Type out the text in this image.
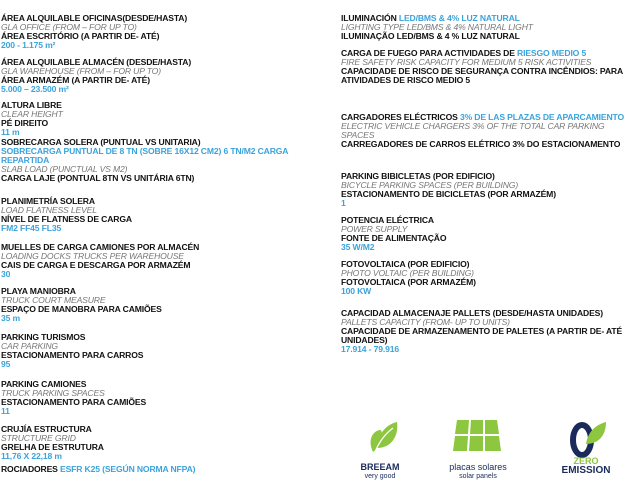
ÁREA ALQUILABLE OFICINAS(DESDE/HASTA)
GLA OFFICE (FROM – FOR UP TO)
ÁREA ESCRITÓRIO (A PARTIR DE- ATÉ)
200 - 1.175 m²
ÁREA ALQUILABLE ALMACÉN (DESDE/HASTA)
GLA WAREHOUSE (FROM – FOR UP TO)
ÁREA ARMAZÉM (A PARTIR DE- ATÉ)
5.000 – 23.500 m²
ALTURA LIBRE
CLEAR HEIGHT
PÉ DIREITO
11 m
SOBRECARGA SOLERA (PUNTUAL VS UNITARIA)
SOBRECARGA PUNTUAL DE 8 TN (SOBRE 16X12 CM2) 6 TN/M2 CARGA REPARTIDA
SLAB LOAD (PUNCTUAL VS M2)
CARGA LAJE (PONTUAL 8TN VS UNITÁRIA 6TN)
PLANIMETRÍA SOLERA
LOAD FLATNESS LEVEL
NÍVEL DE FLATNESS DE CARGA
FM2 FF45 FL35
MUELLES DE CARGA CAMIONES POR ALMACÉN
LOADING DOCKS TRUCKS PER WAREHOUSE
CAIS DE CARGA E DESCARGA POR ARMAZÉM
30
PLAYA MANIOBRA
TRUCK COURT MEASURE
ESPAÇO DE MANOBRA PARA CAMIÕES
35 m
PARKING TURISMOS
CAR PARKING
ESTACIONAMENTO PARA CARROS
95
PARKING CAMIONES
TRUCK PARKING SPACES
ESTACIONAMENTO PARA CAMIÕES
11
CRUJÍA ESTRUCTURA
STRUCTURE GRID
GRELHA DE ESTRUTURA
11,76 X 22,18 m
ROCIADORES ESFR K25 (SEGÚN NORMA NFPA)
ILUMINACIÓN LED/BMS & 4% LUZ NATURAL
LIGHTING TYPE LED/BMS & 4% NATURAL LIGHT
ILUMINAÇÃO LED/BMS & 4 % LUZ NATURAL
CARGA DE FUEGO PARA ACTIVIDADES DE RIESGO MEDIO 5
FIRE SAFETY RISK CAPACITY FOR MEDIUM 5 RISK ACTIVITIES
CAPACIDADE DE RISCO DE SEGURANÇA CONTRA INCÊNDIOS: PARA ATIVIDADES DE RISCO MEDIO 5
CARGADORES ELÉCTRICOS 3% DE LAS PLAZAS DE APARCAMIENTO
ELECTRIC VEHICLE CHARGERS 3% OF THE TOTAL CAR PARKING SPACES
CARREGADORES DE CARROS ELÉTRICO 3% DO ESTACIONAMENTO
PARKING BIBICLETAS (POR EDIFICIO)
BICYCLE PARKING SPACES (PER BUILDING)
ESTACIONAMENTO DE BICICLETAS (POR ARMAZÉM)
1
POTENCIA ELÉCTRICA
POWER SUPPLY
FONTE DE ALIMENTAÇÃO
35 W/M2
FOTOVOLTAICA (POR EDIFICIO)
PHOTO VOLTAIC (PER BUILDING)
FOTOVOLTAICA (POR ARMAZÉM)
100 KW
CAPACIDAD ALMACENAJE PALLETS (DESDE/HASTA UNIDADES)
PALLETS CAPACITY (FROM- UP TO UNITS)
CAPACIDADE DE ARMAZENAMENTO DE PALETES (A PARTIR DE- ATÉ UNIDADES)
17.914 - 79.916
BREEAM
very good
placas solares
solar panels
ZERO
EMISSION
